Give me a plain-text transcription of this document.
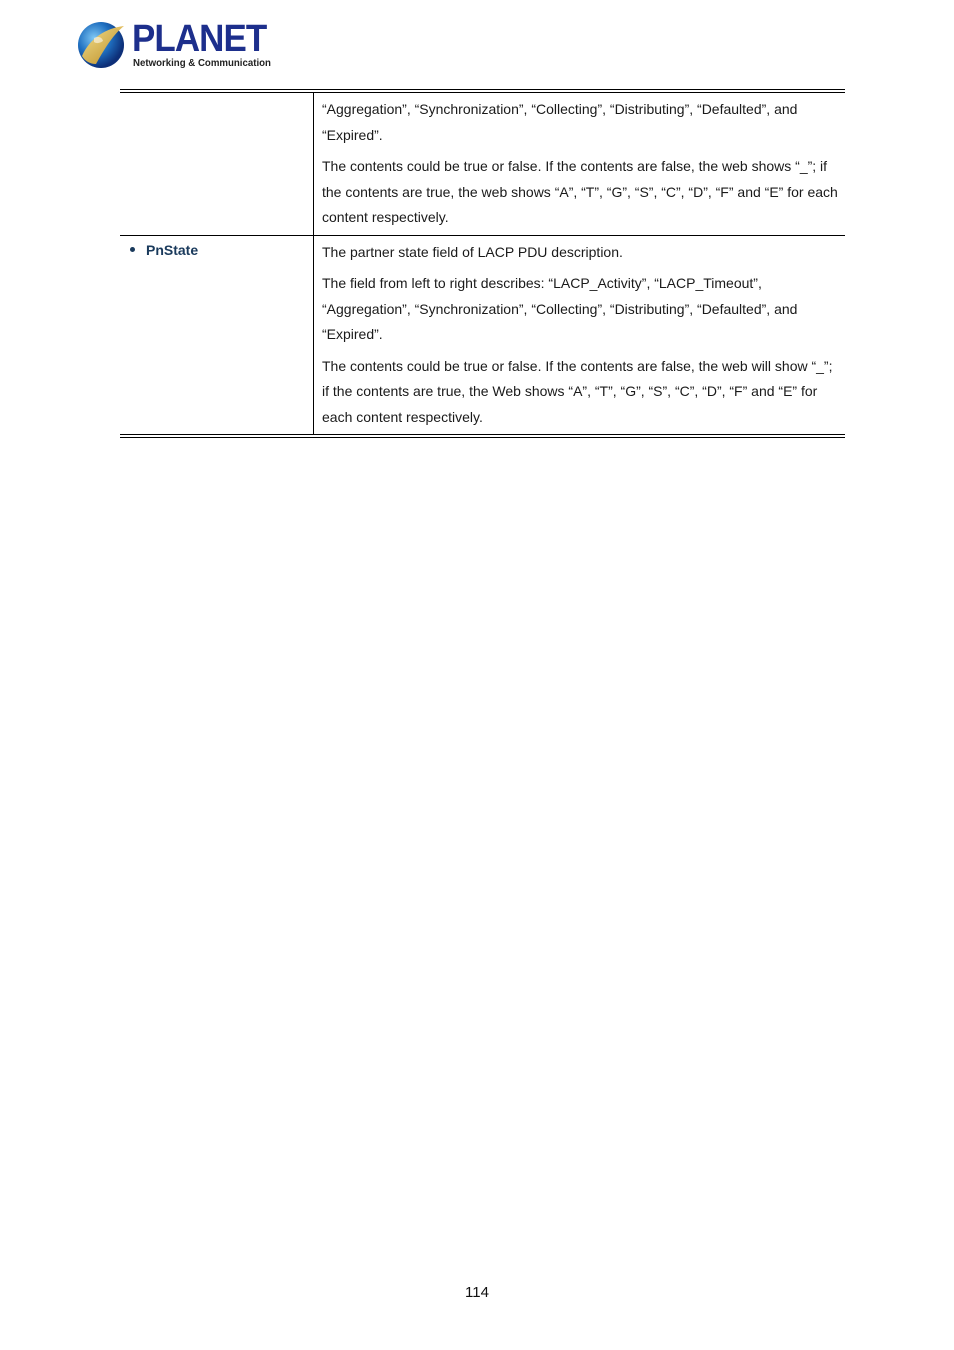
PLANET
Networking & Communication

“Aggregation”, “Synchronization”, “Collecting”, “Distributing”, “Defaulted”, and “Expired”.

The contents could be true or false. If the contents are false, the web shows “_”; if the contents are true, the web shows “A”, “T”, “G”, “S”, “C”, “D”, “F” and “E” for each content respectively.

PnState	The partner state field of LACP PDU description.

The field from left to right describes: “LACP_Activity”, “LACP_Timeout”, “Aggregation”, “Synchronization”, “Collecting”, “Distributing”, “Defaulted”, and “Expired”.

The contents could be true or false. If the contents are false, the web will show “_”; if the contents are true, the Web shows “A”, “T”, “G”, “S”, “C”, “D”, “F” and “E” for each content respectively.

114
